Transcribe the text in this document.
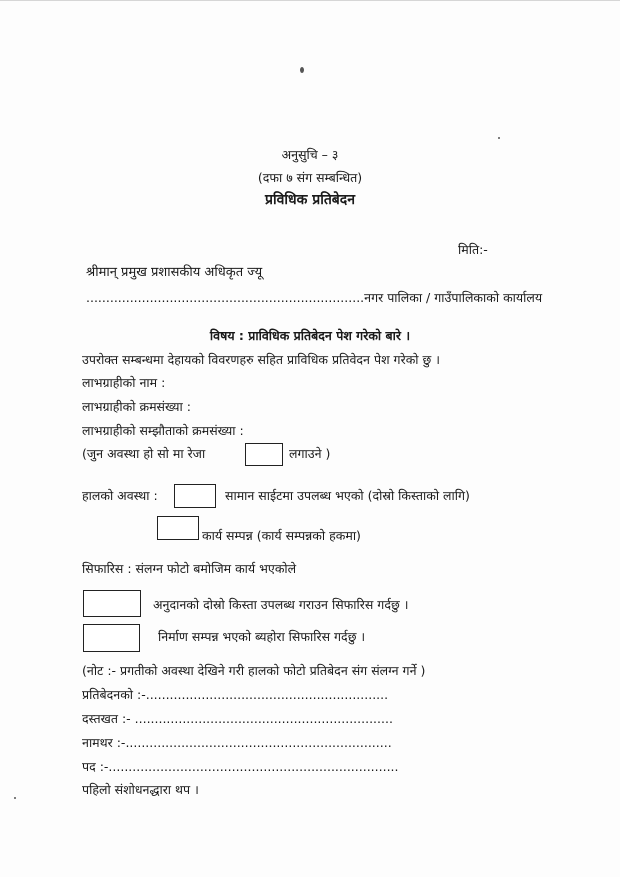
अनुसुचि – ३
(दफा ७ संग सम्बन्धित)
प्रविधिक प्रतिबेदन
मिति:-
श्रीमान् प्रमुख प्रशासकीय अधिकृत ज्यू
......................................................................नगर पालिका / गाउँपालिकाको कार्यालय
विषय : प्राविधिक प्रतिबेदन पेश गरेको बारे ।
उपरोक्त सम्बन्धमा देहायको विवरणहरु सहित प्राविधिक प्रतिवेदन पेश गरेको छु ।
लाभग्राहीको नाम :
लाभग्राहीको क्रमसंख्या :
लाभग्राहीको सम्झौताको क्रमसंख्या :
(जुन अवस्था हो सो मा रेजा	लगाउने )
हालको अवस्था :	सामान साईटमा उपलब्ध भएको (दोस्रो किस्ताको लागि)
कार्य सम्पन्न (कार्य सम्पन्नको हकमा)
सिफारिस : संलग्न फोटो बमोजिम कार्य भएकोले
अनुदानको दोस्रो किस्ता उपलब्ध गराउन सिफारिस गर्दछु ।
निर्माण सम्पन्न भएको ब्यहोरा सिफारिस गर्दछु ।
(नोट :- प्रगतीको अवस्था देखिने गरी हालको फोटो प्रतिबेदन संग संलग्न गर्ने )
प्रतिबेदनको :-.............................................................
दस्तखत :- .................................................................
नामथर :-...................................................................
पद :-.........................................................................
पहिलो संशोधनद्धारा थप ।
